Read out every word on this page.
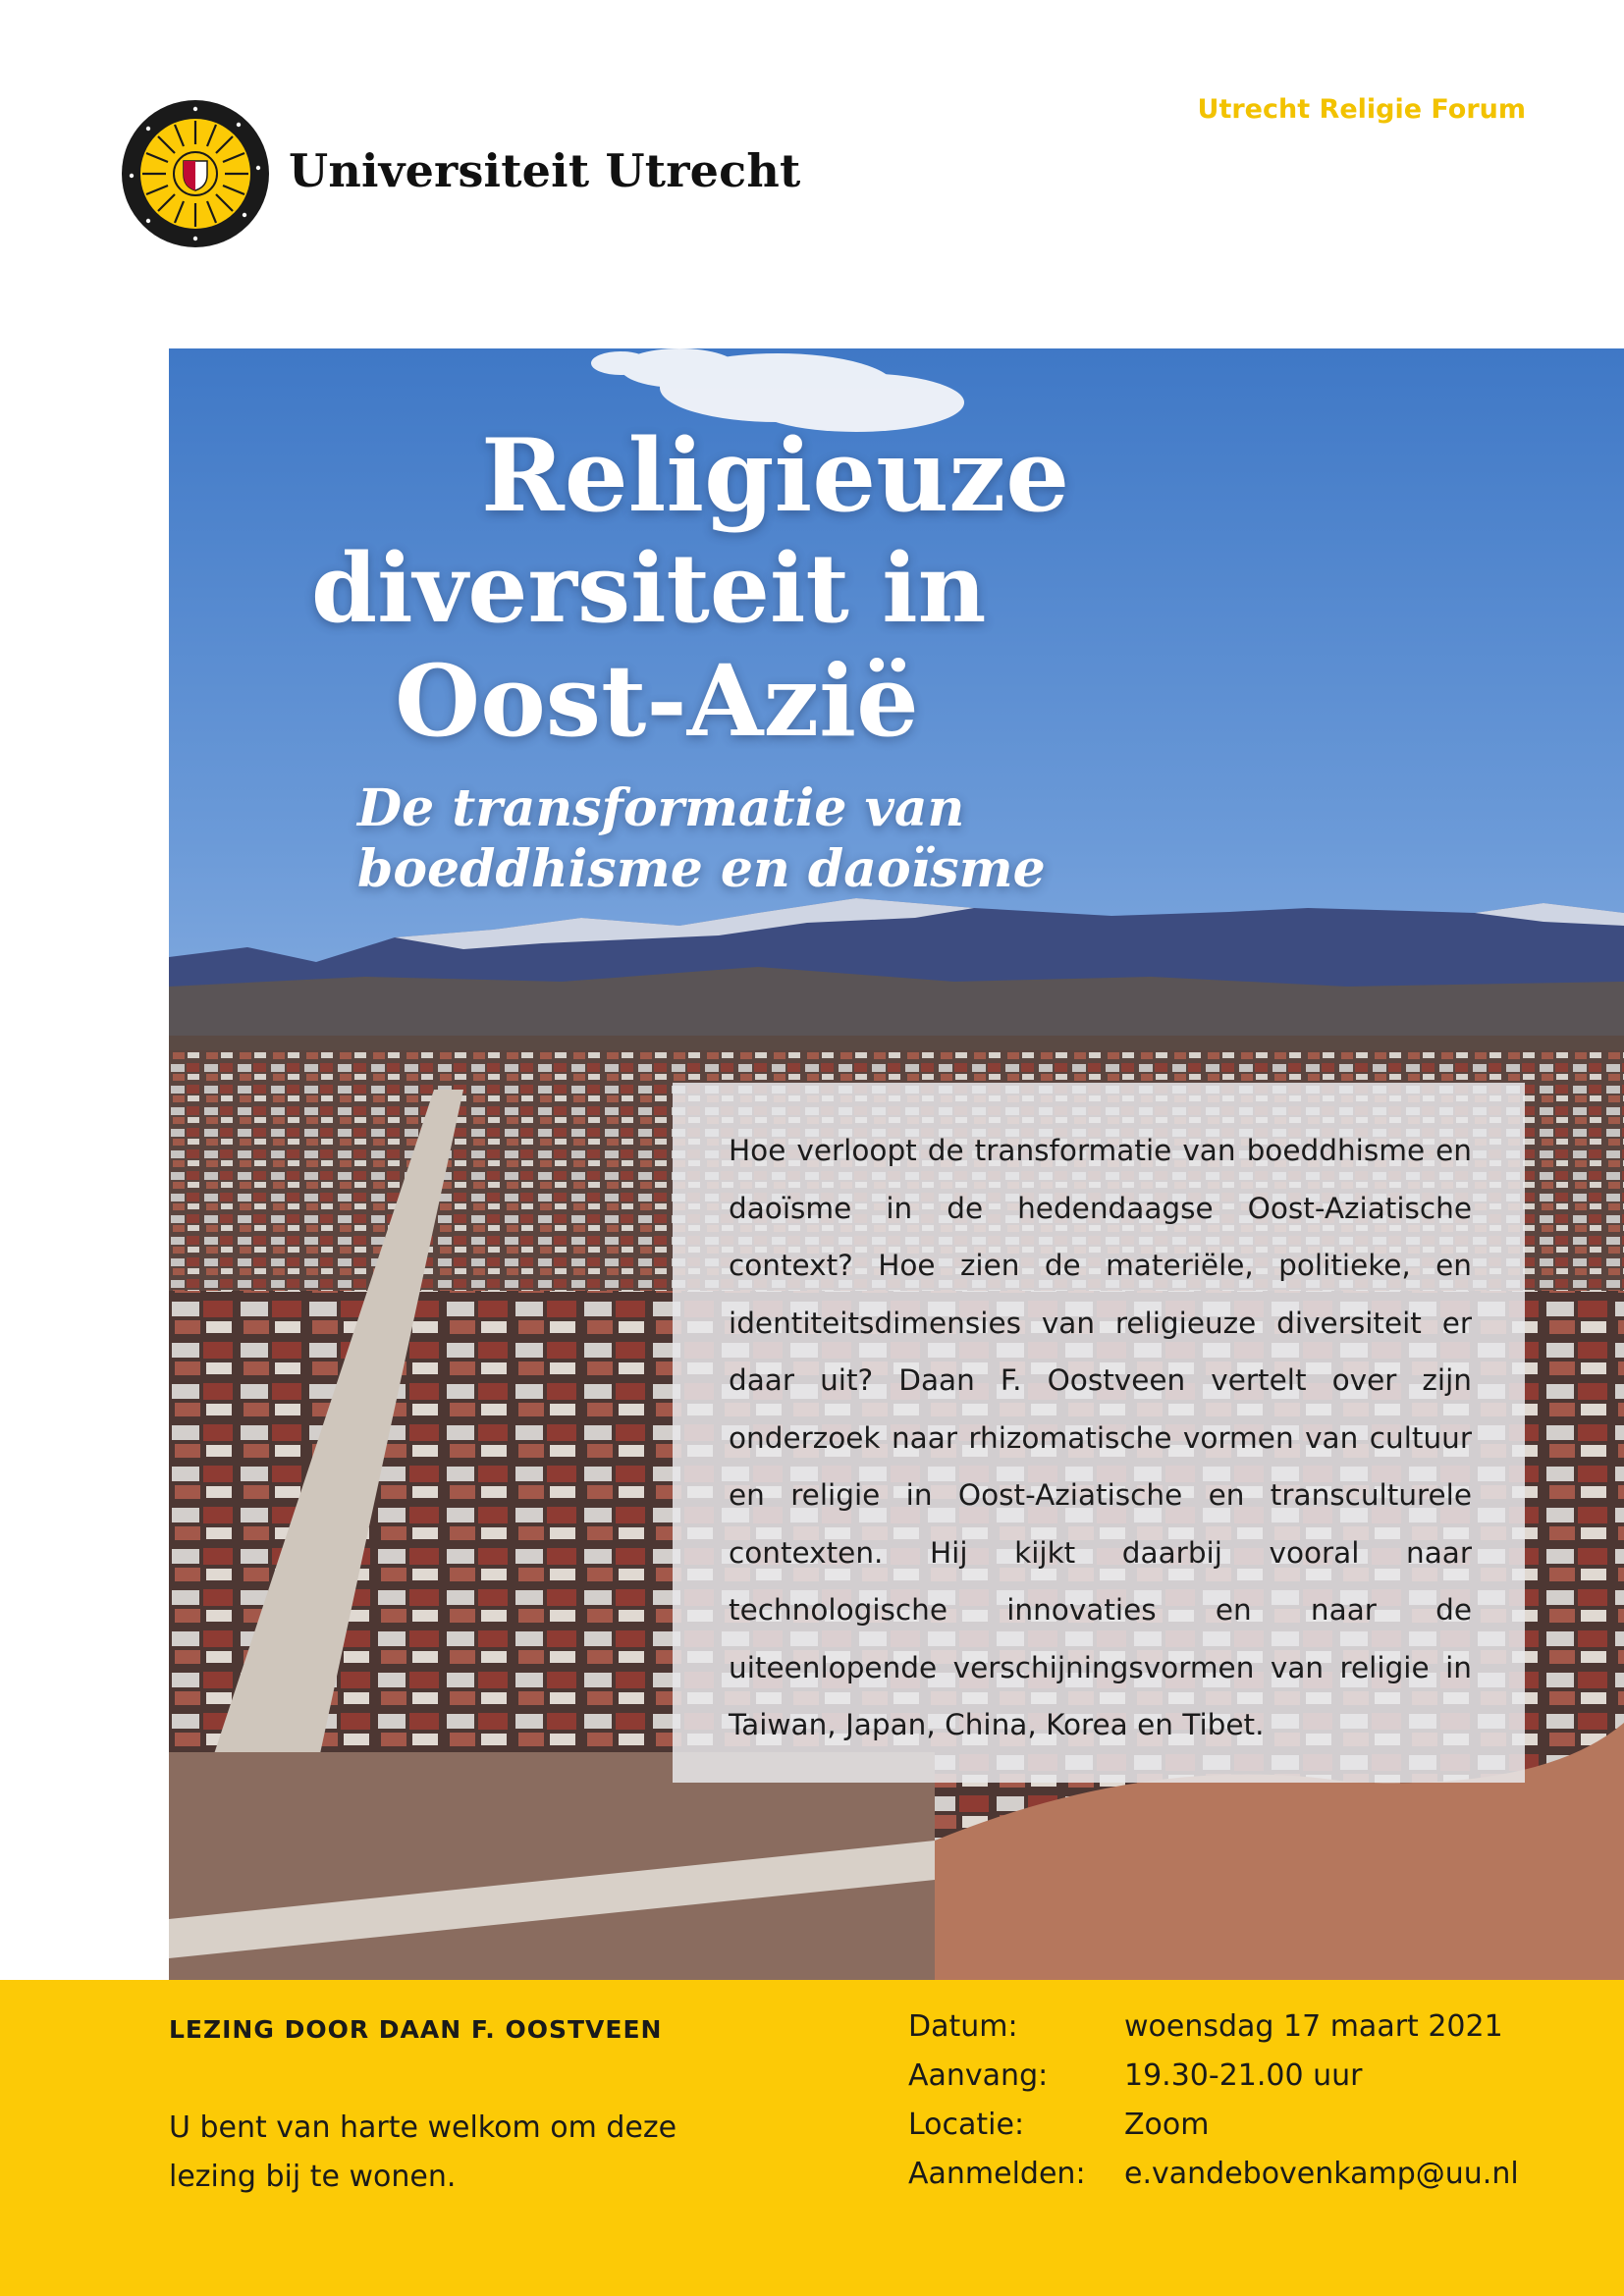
Universiteit Utrecht
Utrecht Religie Forum
Religieuze
diversiteit in
Oost-Azië
De transformatie van
boeddhisme en daoïsme

Hoe verloopt de transformatie van boeddhisme en daoïsme in de hedendaagse Oost-Aziatische context? Hoe zien de materiële, politieke, en identiteitsdimensies van religieuze diversiteit er daar uit? Daan F. Oostveen vertelt over zijn onderzoek naar rhizomatische vormen van cultuur en religie in Oost-Aziatische en transculturele contexten. Hij kijkt daarbij vooral naar technologische innovaties en naar de uiteenlopende verschijningsvormen van religie in Taiwan, Japan, China, Korea en Tibet.

LEZING DOOR DAAN F. OOSTVEEN
U bent van harte welkom om deze lezing bij te wonen.
Datum:	woensdag 17 maart 2021
Aanvang:	19.30-21.00 uur
Locatie:	Zoom
Aanmelden: e.vandebovenkamp@uu.nl
